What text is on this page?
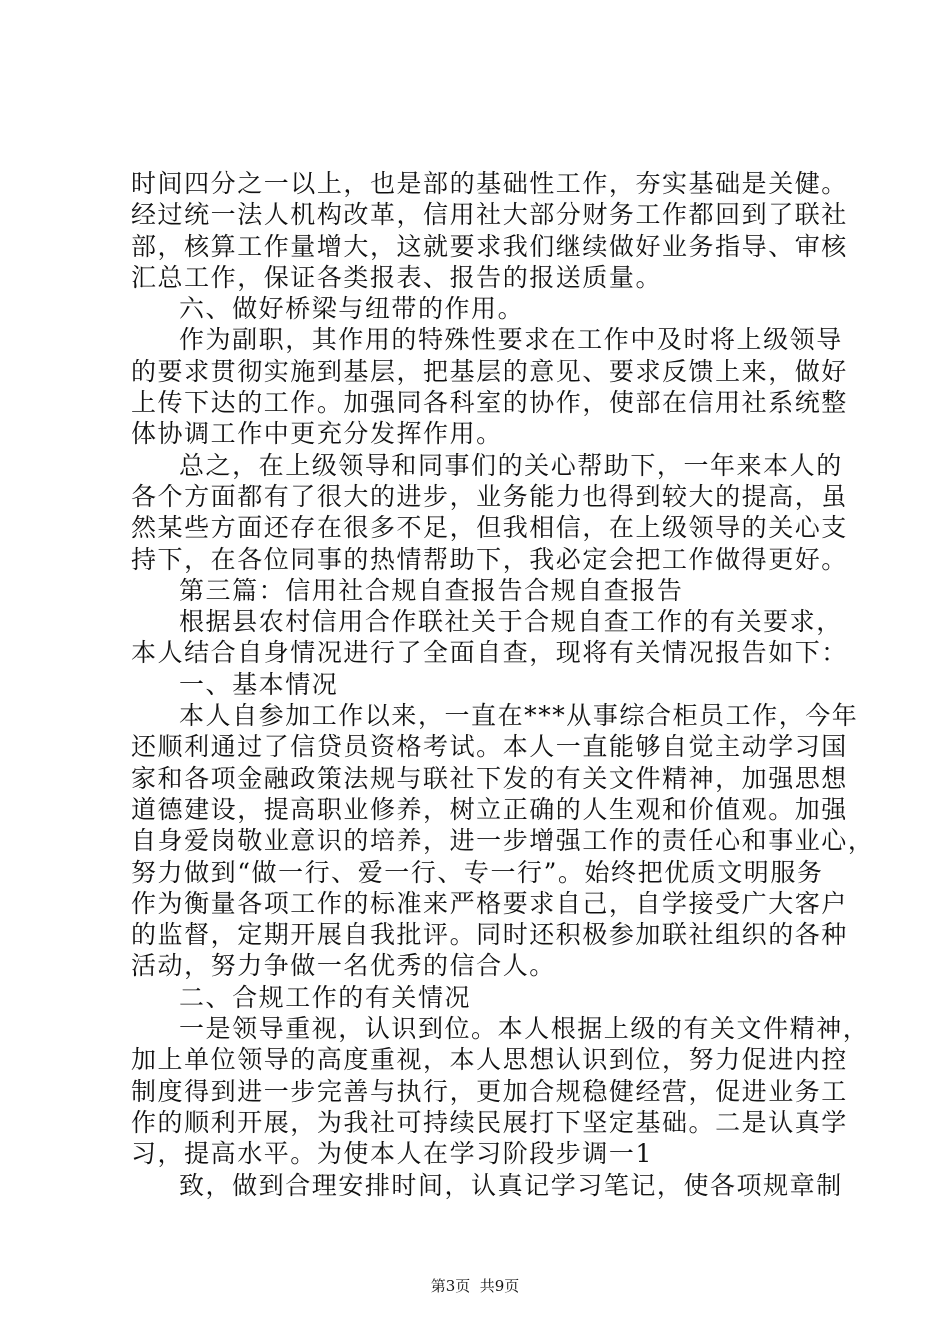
时间四分之一以上，也是部的基础性工作，夯实基础是关健。
经过统一法人机构改革，信用社大部分财务工作都回到了联社
部，核算工作量增大，这就要求我们继续做好业务指导、审核
汇总工作，保证各类报表、报告的报送质量。
六、做好桥梁与纽带的作用。
作为副职，其作用的特殊性要求在工作中及时将上级领导
的要求贯彻实施到基层，把基层的意见、要求反馈上来，做好
上传下达的工作。加强同各科室的协作，使部在信用社系统整
体协调工作中更充分发挥作用。
总之，在上级领导和同事们的关心帮助下，一年来本人的
各个方面都有了很大的进步，业务能力也得到较大的提高，虽
然某些方面还存在很多不足，但我相信，在上级领导的关心支
持下，在各位同事的热情帮助下，我必定会把工作做得更好。
第三篇：信用社合规自查报告合规自查报告
根据县农村信用合作联社关于合规自查工作的有关要求，
本人结合自身情况进行了全面自查，现将有关情况报告如下：
一、基本情况
本人自参加工作以来，一直在***从事综合柜员工作，今年
还顺利通过了信贷员资格考试。本人一直能够自觉主动学习国
家和各项金融政策法规与联社下发的有关文件精神，加强思想
道德建设，提高职业修养，树立正确的人生观和价值观。加强
自身爱岗敬业意识的培养，进一步增强工作的责任心和事业心，
努力做到“做一行、爱一行、专一行”。始终把优质文明服务
作为衡量各项工作的标准来严格要求自己，自学接受广大客户
的监督，定期开展自我批评。同时还积极参加联社组织的各种
活动，努力争做一名优秀的信合人。
二、合规工作的有关情况
一是领导重视，认识到位。本人根据上级的有关文件精神，
加上单位领导的高度重视，本人思想认识到位，努力促进内控
制度得到进一步完善与执行，更加合规稳健经营，促进业务工
作的顺利开展，为我社可持续民展打下坚定基础。二是认真学
习，提高水平。为使本人在学习阶段步调一1
致，做到合理安排时间，认真记学习笔记，使各项规章制
第3页  共9页
